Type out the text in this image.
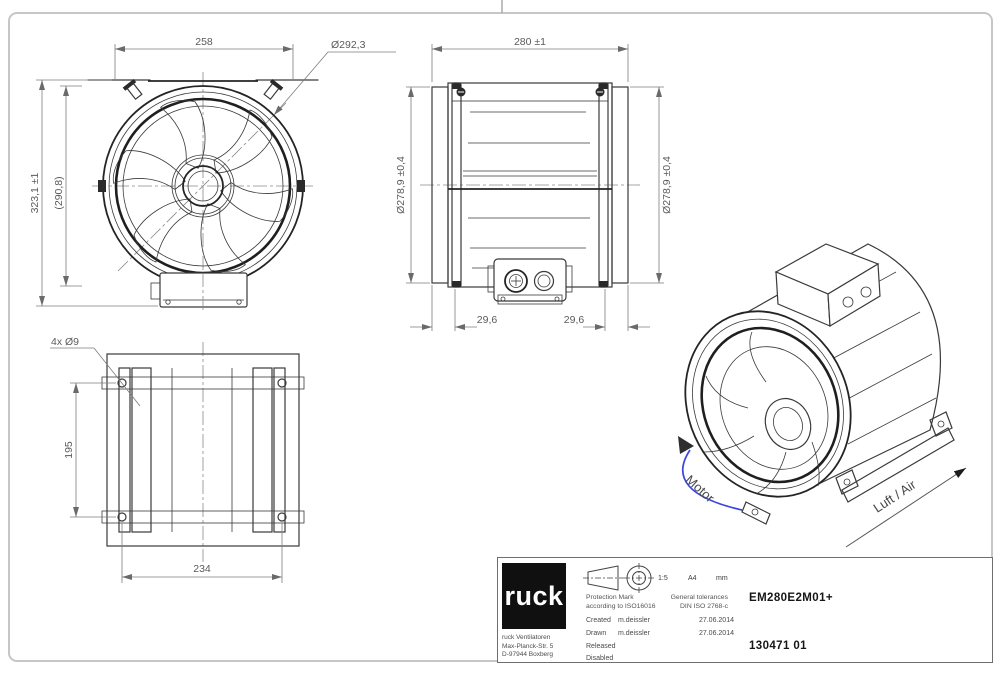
258	Ø292,3
323,1 ±1 (290,8)
280 ±1
Ø278,9 ±0,4	Ø278,9 ±0,4
29,6	29,6
4x Ø9
195
234
Motor	Luft / Air
ruck
ruck Ventilatoren
Max-Planck-Str. 5
D-97944 Boxberg
1:5	A4	mm
Protection Mark
according to ISO16016
General tolerances
DIN ISO 2768-c
Created m.deissler	27.06.2014
Drawn m.deissler	27.06.2014
Released
Disabled
EM280E2M01+
130471 01
